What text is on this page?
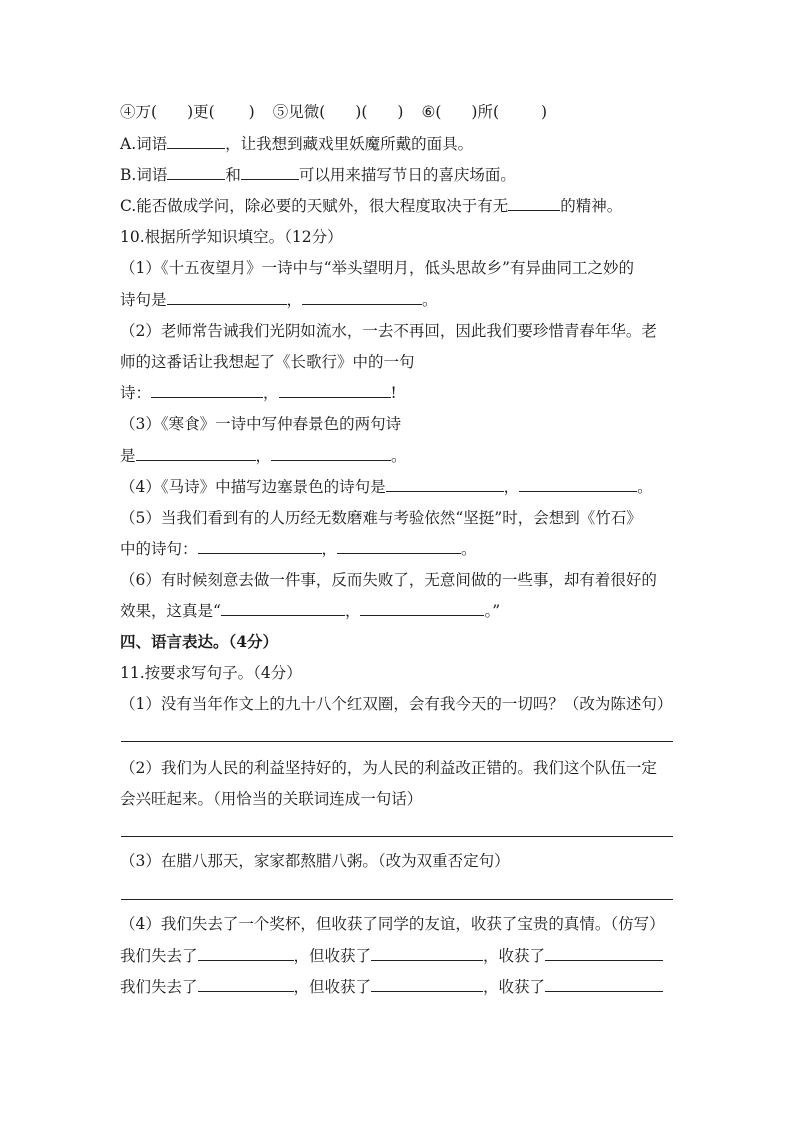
④万( )更( ) ⑤见微( )( ) ⑥( )所(	)
A.词语	，让我想到藏戏里妖魔所戴的面具。
B.词语	和	可以用来描写节日的喜庆场面。
C.能否做成学问，除必要的天赋外，很大程度取决于有无	的精神。
10.根据所学知识填空。（12分）
（1）《十五夜望月》一诗中与“举头望明月，低头思故乡”有异曲同工之妙的
诗句是	，	。
（2）老师常告诫我们光阴如流水，一去不再回，因此我们要珍惜青春年华。老
师的这番话让我想起了《长歌行》中的一句
诗：	，	!
（3）《寒食》一诗中写仲春景色的两句诗
是	，	。
（4）《马诗》中描写边塞景色的诗句是	，	。
（5）当我们看到有的人历经无数磨难与考验依然“坚挺”时，会想到《竹石》
中的诗句：	，	。
（6）有时候刻意去做一件事，反而失败了，无意间做的一些事，却有着很好的
效果，这真是“	，	。”
四、语言表达。（4分）
11.按要求写句子。（4分）
（1）没有当年作文上的九十八个红双圈，会有我今天的一切吗？（改为陈述句）
（2）我们为人民的利益坚持好的，为人民的利益改正错的。我们这个队伍一定
会兴旺起来。（用恰当的关联词连成一句话）
（3）在腊八那天，家家都熬腊八粥。（改为双重否定句）
（4）我们失去了一个奖杯，但收获了同学的友谊，收获了宝贵的真情。（仿写）
我们失去了	，但收获了	，收获了
我们失去了	，但收获了	，收获了
